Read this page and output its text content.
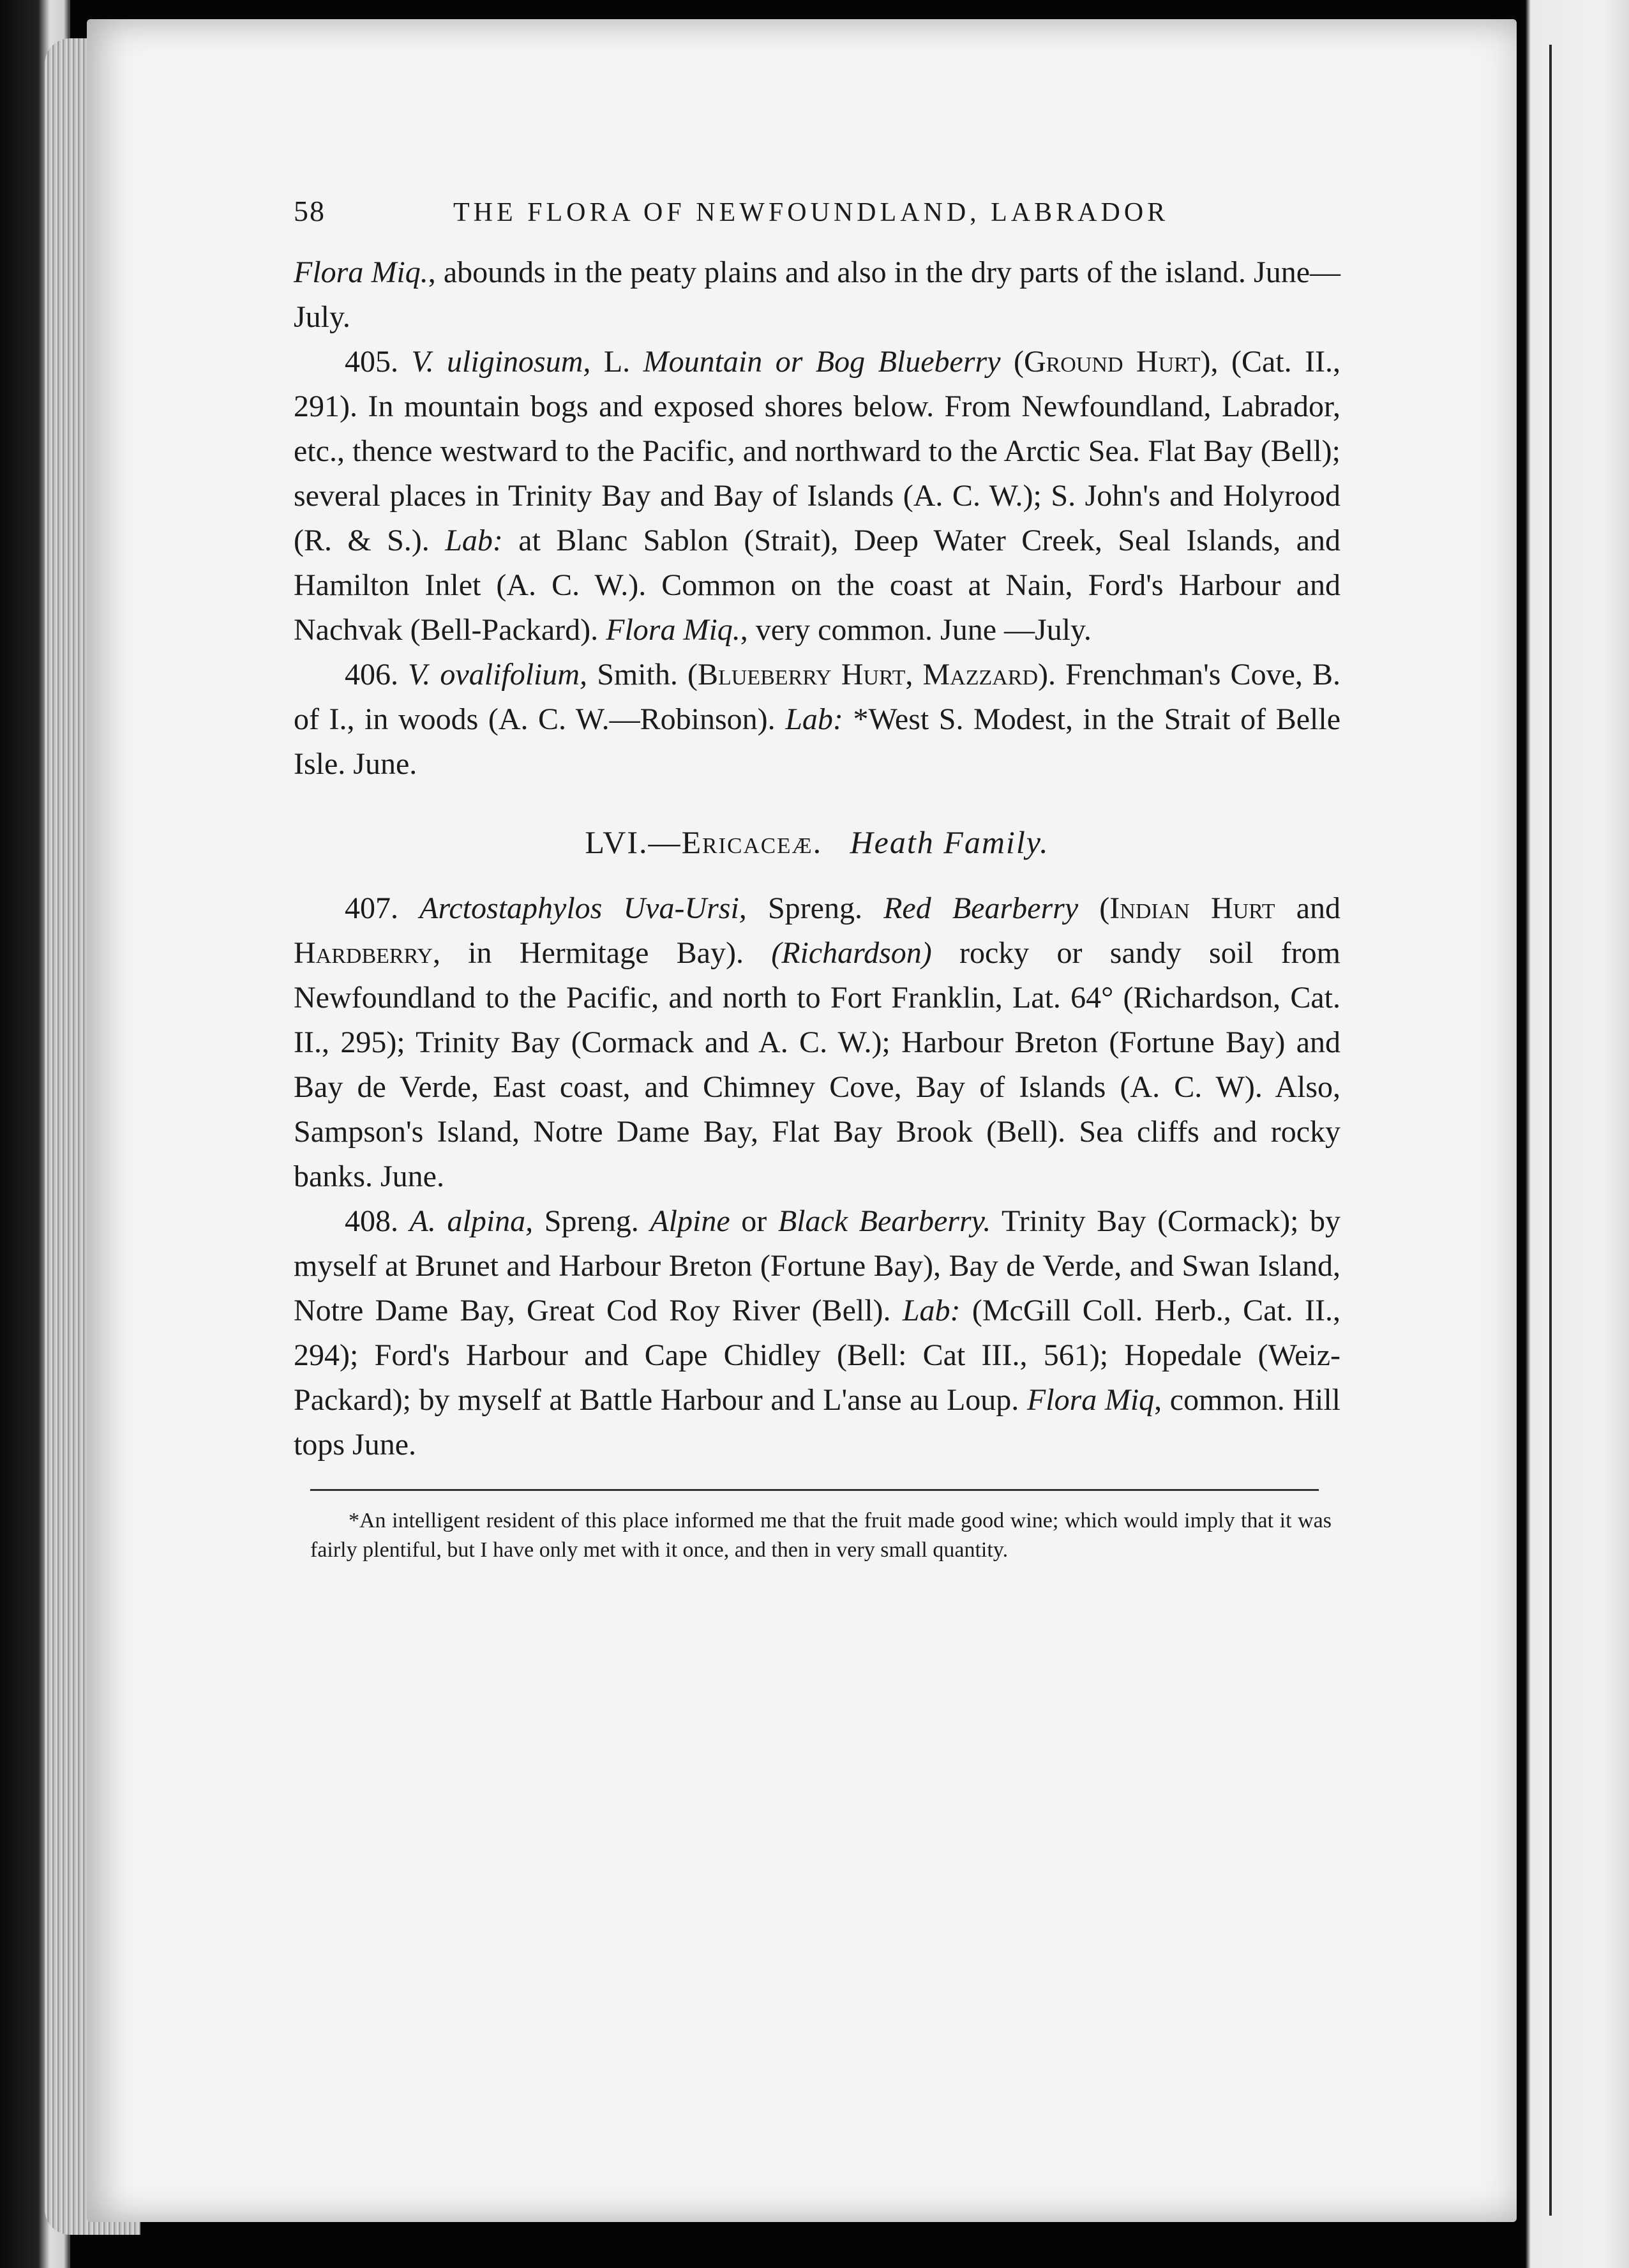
58	THE FLORA OF NEWFOUNDLAND, LABRADOR

Flora Miq., abounds in the peaty plains and also in the dry parts of the island. June—July.

405. V. uliginosum, L. Mountain or Bog Blueberry (Ground Hurt), (Cat. II., 291). In mountain bogs and exposed shores below. From Newfoundland, Labrador, etc., thence westward to the Pacific, and northward to the Arctic Sea. Flat Bay (Bell); several places in Trinity Bay and Bay of Islands (A. C. W.); S. John's and Holyrood (R. & S.). Lab: at Blanc Sablon (Strait), Deep Water Creek, Seal Islands, and Hamilton Inlet (A. C. W.). Common on the coast at Nain, Ford's Harbour and Nachvak (Bell-Packard). Flora Miq., very common. June —July.

406. V. ovalifolium, Smith. (Blueberry Hurt, Mazzard). Frenchman's Cove, B. of I., in woods (A. C. W.—Robinson). Lab: *West S. Modest, in the Strait of Belle Isle. June.

LVI.—Ericaceæ. Heath Family.

407. Arctostaphylos Uva-Ursi, Spreng. Red Bearberry (Indian Hurt and Hardberry, in Hermitage Bay). (Richardson) rocky or sandy soil from Newfoundland to the Pacific, and north to Fort Franklin, Lat. 64° (Richardson, Cat. II., 295); Trinity Bay (Cormack and A. C. W.); Harbour Breton (Fortune Bay) and Bay de Verde, East coast, and Chimney Cove, Bay of Islands (A. C. W). Also, Sampson's Island, Notre Dame Bay, Flat Bay Brook (Bell). Sea cliffs and rocky banks. June.

408. A. alpina, Spreng. Alpine or Black Bearberry. Trinity Bay (Cormack); by myself at Brunet and Harbour Breton (Fortune Bay), Bay de Verde, and Swan Island, Notre Dame Bay, Great Cod Roy River (Bell). Lab: (McGill Coll. Herb., Cat. II., 294); Ford's Harbour and Cape Chidley (Bell: Cat III., 561); Hopedale (Weiz-Packard); by myself at Battle Harbour and L'anse au Loup. Flora Miq, common. Hill tops June.

*An intelligent resident of this place informed me that the fruit made good wine; which would imply that it was fairly plentiful, but I have only met with it once, and then in very small quantity.
